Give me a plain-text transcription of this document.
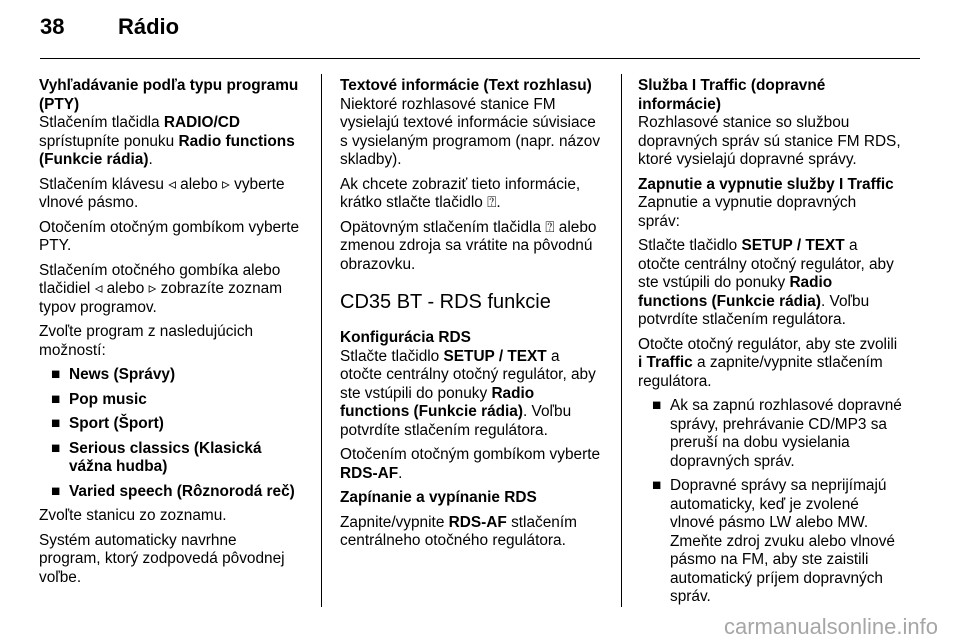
38 Rádio

Vyhľadávanie podľa typu programu (PTY)

Stlačením tlačidla RADIO/CD sprístupníte ponuku Radio functions (Funkcie rádia).

Stlačením klávesu ◃ alebo ▹ vyberte vlnové pásmo.

Otočením otočným gombíkom vyberte PTY.

Stlačením otočného gombíka alebo tlačidiel ◃ alebo ▹ zobrazíte zoznam typov programov.

Zvoľte program z nasledujúcich možností:

■ News (Správy)
■ Pop music
■ Sport (Šport)
■ Serious classics (Klasická vážna hudba)
■ Varied speech (Rôznorodá reč)

Zvoľte stanicu zo zoznamu.

Systém automaticky navrhne program, ktorý zodpovedá pôvodnej voľbe.

Textové informácie (Text rozhlasu)

Niektoré rozhlasové stanice FM vysielajú textové informácie súvisiace s vysielaným programom (napr. názov skladby).

Ak chcete zobraziť tieto informácie, krátko stlačte tlačidlo ⍰.

Opätovným stlačením tlačidla ⍰ alebo zmenou zdroja sa vrátite na pôvodnú obrazovku.

CD35 BT - RDS funkcie

Konfigurácia RDS

Stlačte tlačidlo SETUP / TEXT a otočte centrálny otočný regulátor, aby ste vstúpili do ponuky Radio functions (Funkcie rádia). Voľbu potvrdíte stlačením regulátora.

Otočením otočným gombíkom vyberte RDS-AF.

Zapínanie a vypínanie RDS

Zapnite/vypnite RDS-AF stlačením centrálneho otočného regulátora.

Služba I Traffic (dopravné informácie)

Rozhlasové stanice so službou dopravných správ sú stanice FM RDS, ktoré vysielajú dopravné správy.

Zapnutie a vypnutie služby I Traffic

Zapnutie a vypnutie dopravných správ:

Stlačte tlačidlo SETUP / TEXT a otočte centrálny otočný regulátor, aby ste vstúpili do ponuky Radio functions (Funkcie rádia). Voľbu potvrdíte stlačením regulátora.

Otočte otočný regulátor, aby ste zvolili i Traffic a zapnite/vypnite stlačením regulátora.

■ Ak sa zapnú rozhlasové dopravné správy, prehrávanie CD/MP3 sa preruší na dobu vysielania dopravných správ.
■ Dopravné správy sa neprijímajú automaticky, keď je zvolené vlnové pásmo LW alebo MW. Zmeňte zdroj zvuku alebo vlnové pásmo na FM, aby ste zaistili automatický príjem dopravných správ.
carmanualsonline.info
